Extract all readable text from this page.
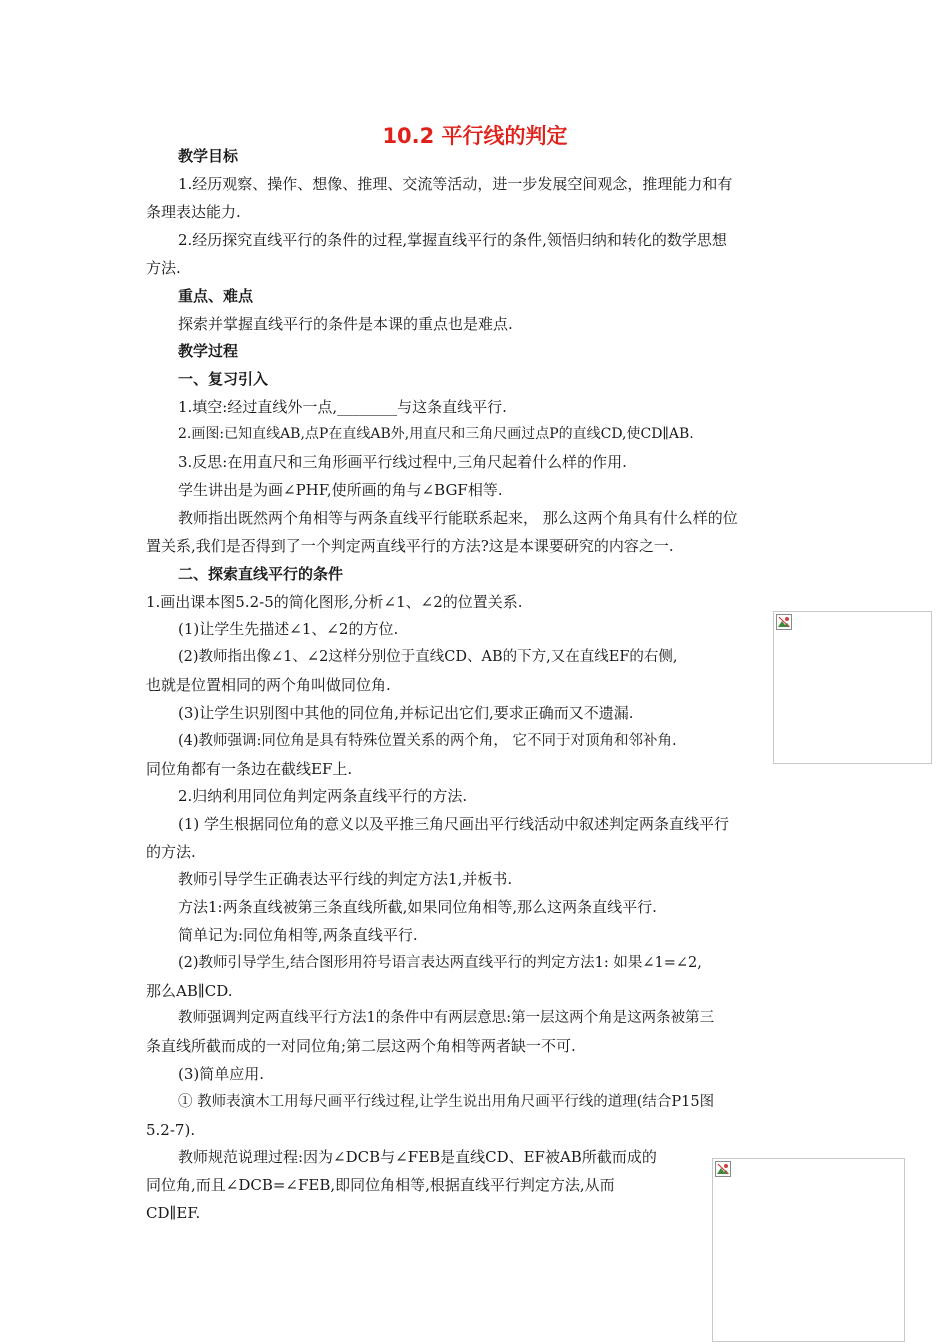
10.2 平行线的判定
教学目标
1.经历观察、操作、想像、推理、交流等活动，进一步发展空间观念，推理能力和有
条理表达能力.
2.经历探究直线平行的条件的过程,掌握直线平行的条件,领悟归纳和转化的数学思想
方法.
重点、难点
探索并掌握直线平行的条件是本课的重点也是难点.
教学过程
一、复习引入
1.填空:经过直线外一点,________与这条直线平行.
2.画图:已知直线AB,点P在直线AB外,用直尺和三角尺画过点P的直线CD,使CD∥AB.
3.反思:在用直尺和三角形画平行线过程中,三角尺起着什么样的作用.
学生讲出是为画∠PHF,使所画的角与∠BGF相等.
教师指出既然两个角相等与两条直线平行能联系起来， 那么这两个角具有什么样的位
置关系,我们是否得到了一个判定两直线平行的方法?这是本课要研究的内容之一.
二、探索直线平行的条件
1.画出课本图5.2-5的简化图形,分析∠1、∠2的位置关系.
(1)让学生先描述∠1、∠2的方位.
(2)教师指出像∠1、∠2这样分别位于直线CD、AB的下方,又在直线EF的右侧,
也就是位置相同的两个角叫做同位角.
(3)让学生识别图中其他的同位角,并标记出它们,要求正确而又不遗漏.
(4)教师强调:同位角是具有特殊位置关系的两个角， 它不同于对顶角和邻补角.
同位角都有一条边在截线EF上.
2.归纳利用同位角判定两条直线平行的方法.
(1) 学生根据同位角的意义以及平推三角尺画出平行线活动中叙述判定两条直线平行
的方法.
教师引导学生正确表达平行线的判定方法1,并板书.
方法1:两条直线被第三条直线所截,如果同位角相等,那么这两条直线平行.
简单记为:同位角相等,两条直线平行.
(2)教师引导学生,结合图形用符号语言表达两直线平行的判定方法1: 如果∠1=∠2,
那么AB∥CD.
教师强调判定两直线平行方法1的条件中有两层意思:第一层这两个角是这两条被第三
条直线所截而成的一对同位角;第二层这两个角相等两者缺一不可.
(3)简单应用.
① 教师表演木工用每尺画平行线过程,让学生说出用角尺画平行线的道理(结合P15图
5.2-7).
教师规范说理过程:因为∠DCB与∠FEB是直线CD、EF被AB所截而成的
同位角,而且∠DCB=∠FEB,即同位角相等,根据直线平行判定方法,从而
CD∥EF.
